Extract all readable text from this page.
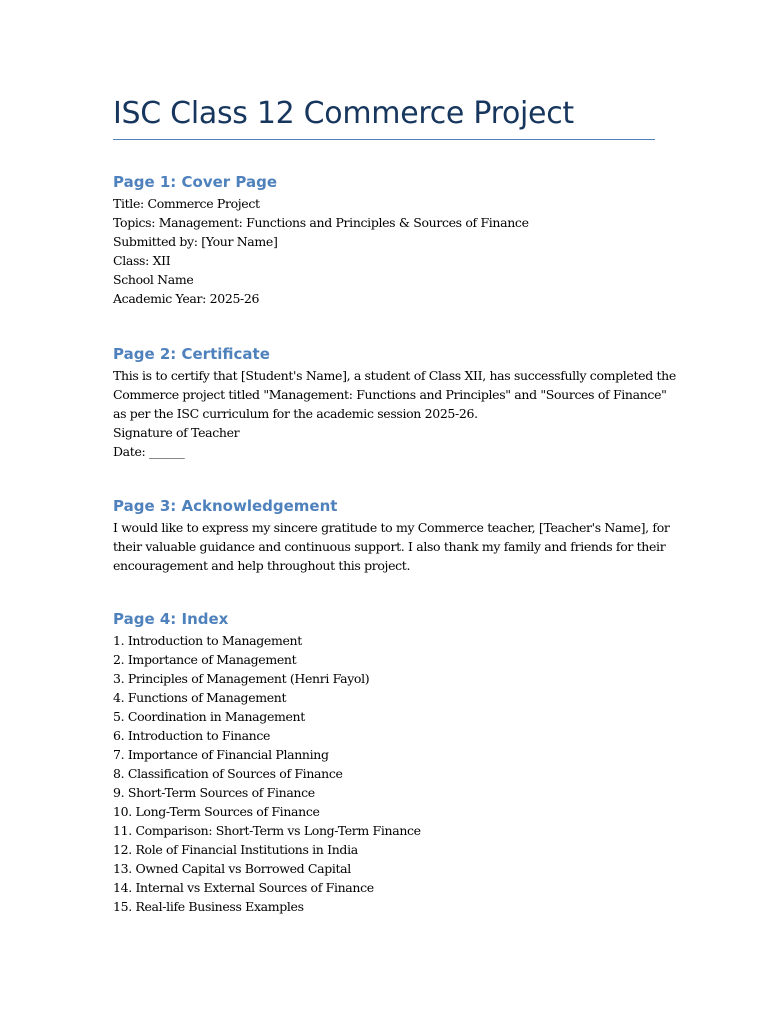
ISC Class 12 Commerce Project
Page 1: Cover Page
Title: Commerce Project
Topics: Management: Functions and Principles & Sources of Finance
Submitted by: [Your Name]
Class: XII
School Name
Academic Year: 2025-26
Page 2: Certificate
This is to certify that [Student's Name], a student of Class XII, has successfully completed the
Commerce project titled "Management: Functions and Principles" and "Sources of Finance"
as per the ISC curriculum for the academic session 2025-26.
Signature of Teacher
Date: ______
Page 3: Acknowledgement
I would like to express my sincere gratitude to my Commerce teacher, [Teacher's Name], for
their valuable guidance and continuous support. I also thank my family and friends for their
encouragement and help throughout this project.
Page 4: Index
1. Introduction to Management
2. Importance of Management
3. Principles of Management (Henri Fayol)
4. Functions of Management
5. Coordination in Management
6. Introduction to Finance
7. Importance of Financial Planning
8. Classification of Sources of Finance
9. Short-Term Sources of Finance
10. Long-Term Sources of Finance
11. Comparison: Short-Term vs Long-Term Finance
12. Role of Financial Institutions in India
13. Owned Capital vs Borrowed Capital
14. Internal vs External Sources of Finance
15. Real-life Business Examples
